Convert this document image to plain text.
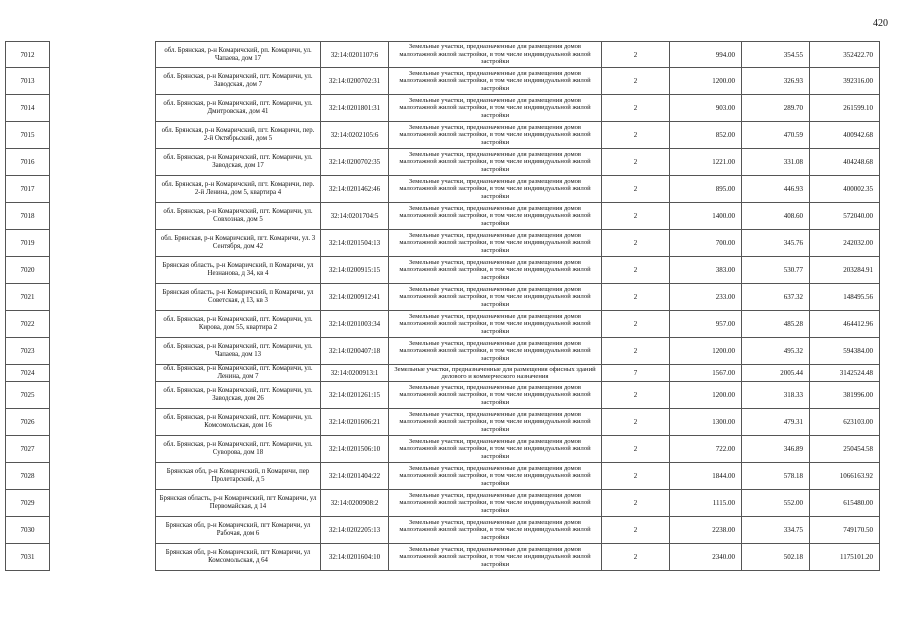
420
7012		обл. Брянская, р-н Комаричский, рп. Комаричи, ул. Чапаева, дом 17	32:14:0201107:6	Земельные участки, предназначенные для размещения домов малоэтажной жилой застройки, в том числе индивидуальной жилой застройки	2	994.00	354.55	352422.70
7013		обл. Брянская, р-н Комаричский, пгт. Комаричи, ул. Заводская, дом 7	32:14:0200702:31	Земельные участки, предназначенные для размещения домов малоэтажной жилой застройки, в том числе индивидуальной жилой застройки	2	1200.00	326.93	392316.00
7014		обл. Брянская, р-н Комаричский, пгт. Комаричи, ул. Дмитровская, дом 41	32:14:0201801:31	Земельные участки, предназначенные для размещения домов малоэтажной жилой застройки, в том числе индивидуальной жилой застройки	2	903.00	289.70	261599.10
7015		обл. Брянская, р-н Комаричский, пгт. Комаричи, пер. 2-й Октябрьский, дом 5	32:14:0202105:6	Земельные участки, предназначенные для размещения домов малоэтажной жилой застройки, в том числе индивидуальной жилой застройки	2	852.00	470.59	400942.68
7016		обл. Брянская, р-н Комаричский, пгт. Комаричи, ул. Заводская, дом 17	32:14:0200702:35	Земельные участки, предназначенные для размещения домов малоэтажной жилой застройки, в том числе индивидуальной жилой застройки	2	1221.00	331.08	404248.68
7017		обл. Брянская, р-н Комаричский, пгт. Комаричи, пер. 2-й Ленина, дом 5, квартира 4	32:14:0201462:46	Земельные участки, предназначенные для размещения домов малоэтажной жилой застройки, в том числе индивидуальной жилой застройки	2	895.00	446.93	400002.35
7018		обл. Брянская, р-н Комаричский, пгт. Комаричи, ул. Совхозная, дом 5	32:14:0201704:5	Земельные участки, предназначенные для размещения домов малоэтажной жилой застройки, в том числе индивидуальной жилой застройки	2	1400.00	408.60	572040.00
7019		обл. Брянская, р-н Комаричский, пгт. Комаричи, ул. 3 Сентября, дом 42	32:14:0201504:13	Земельные участки, предназначенные для размещения домов малоэтажной жилой застройки, в том числе индивидуальной жилой застройки	2	700.00	345.76	242032.00
7020		Брянская область, р-н Комаричский, п Комаричи, ул Незнанова, д 34, кв 4	32:14:0200915:15	Земельные участки, предназначенные для размещения домов малоэтажной жилой застройки, в том числе индивидуальной жилой застройки	2	383.00	530.77	203284.91
7021		Брянская область, р-н Комаричский, п Комаричи, ул Советская, д 13, кв 3	32:14:0200912:41	Земельные участки, предназначенные для размещения домов малоэтажной жилой застройки, в том числе индивидуальной жилой застройки	2	233.00	637.32	148495.56
7022		обл. Брянская, р-н Комаричский, пгт. Комаричи, ул. Кирова, дом 55, квартира 2	32:14:0201003:34	Земельные участки, предназначенные для размещения домов малоэтажной жилой застройки, в том числе индивидуальной жилой застройки	2	957.00	485.28	464412.96
7023		обл. Брянская, р-н Комаричский, пгт. Комаричи, ул. Чапаева, дом 13	32:14:0200407:18	Земельные участки, предназначенные для размещения домов малоэтажной жилой застройки, в том числе индивидуальной жилой застройки	2	1200.00	495.32	594384.00
7024		обл. Брянская, р-н Комаричский, пгт. Комаричи, ул. Ленина, дом 7	32:14:0200913:1	Земельные участки, предназначенные для размещения офисных зданий делового и коммерческого назначения	7	1567.00	2005.44	3142524.48
7025		обл. Брянская, р-н Комаричский, пгт. Комаричи, ул. Заводская, дом 26	32:14:0201261:15	Земельные участки, предназначенные для размещения домов малоэтажной жилой застройки, в том числе индивидуальной жилой застройки	2	1200.00	318.33	381996.00
7026		обл. Брянская, р-н Комаричский, пгт. Комаричи, ул. Комсомольская, дом 16	32:14:0201606:21	Земельные участки, предназначенные для размещения домов малоэтажной жилой застройки, в том числе индивидуальной жилой застройки	2	1300.00	479.31	623103.00
7027		обл. Брянская, р-н Комаричский, пгт. Комаричи, ул. Суворова, дом 18	32:14:0201506:10	Земельные участки, предназначенные для размещения домов малоэтажной жилой застройки, в том числе индивидуальной жилой застройки	2	722.00	346.89	250454.58
7028		Брянская обл, р-н Комаричский, п Комаричи, пер Пролетарский, д 5	32:14:0201404:22	Земельные участки, предназначенные для размещения домов малоэтажной жилой застройки, в том числе индивидуальной жилой застройки	2	1844.00	578.18	1066163.92
7029		Брянская область, р-н Комаричский, пгт Комаричи, ул Первомайская, д 14	32:14:0200908:2	Земельные участки, предназначенные для размещения домов малоэтажной жилой застройки, в том числе индивидуальной жилой застройки	2	1115.00	552.00	615480.00
7030		Брянская обл, р-н Комаричский, пгт Комаричи, ул Рабочая, дом 6	32:14:0202205:13	Земельные участки, предназначенные для размещения домов малоэтажной жилой застройки, в том числе индивидуальной жилой застройки	2	2238.00	334.75	749170.50
7031		Брянская обл, р-н Комаричский, пгт Комаричи, ул Комсомольская, д 64	32:14:0201604:10	Земельные участки, предназначенные для размещения домов малоэтажной жилой застройки, в том числе индивидуальной жилой застройки	2	2340.00	502.18	1175101.20
